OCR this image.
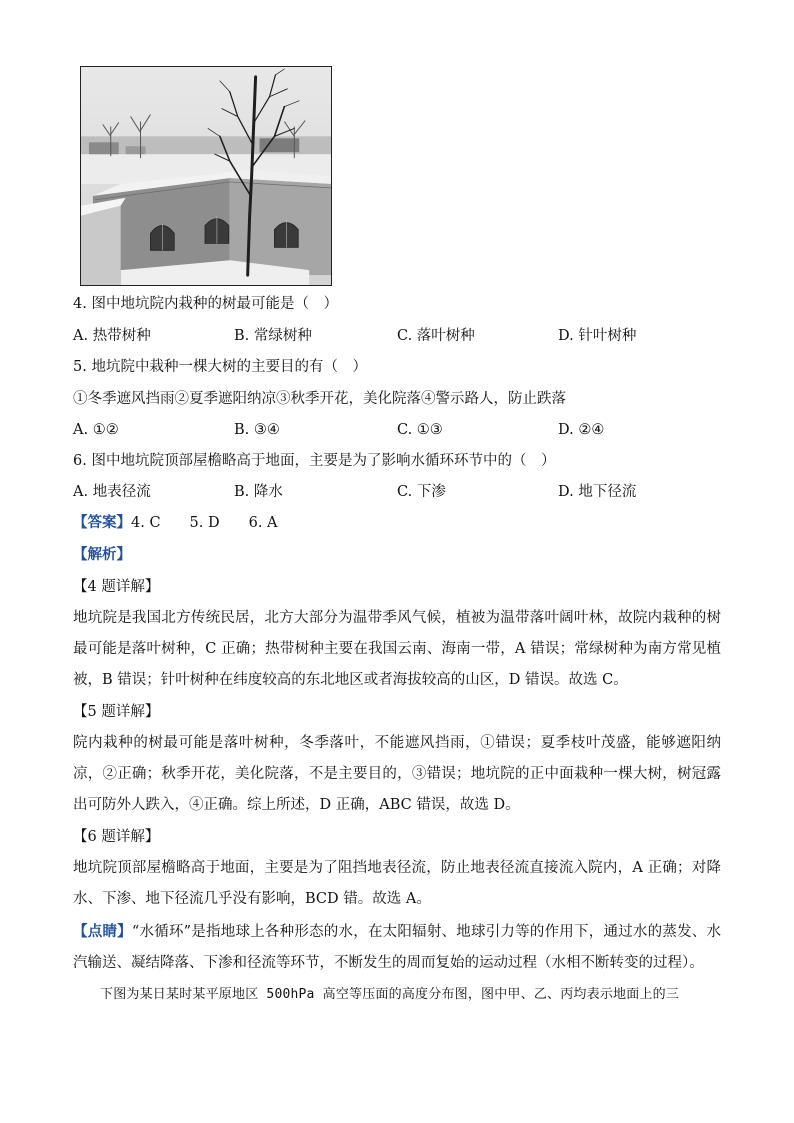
4. 图中地坑院内栽种的树最可能是（　）
A. 热带树种	B. 常绿树种	C. 落叶树种	D. 针叶树种
5. 地坑院中栽种一棵大树的主要目的有（　）
①冬季遮风挡雨②夏季遮阳纳凉③秋季开花，美化院落④警示路人，防止跌落
A. ①②	B. ③④	C. ①③	D. ②④
6. 图中地坑院顶部屋檐略高于地面，主要是为了影响水循环环节中的（　）
A. 地表径流	B. 降水	C. 下渗	D. 地下径流
【答案】4. C　　5. D　　6. A
【解析】
【4 题详解】
地坑院是我国北方传统民居，北方大部分为温带季风气候，植被为温带落叶阔叶林，故院内栽种的树最可能是落叶树种，C 正确；热带树种主要在我国云南、海南一带，A 错误；常绿树种为南方常见植被，B 错误；针叶树种在纬度较高的东北地区或者海拔较高的山区，D 错误。故选 C。
【5 题详解】
院内栽种的树最可能是落叶树种，冬季落叶，不能遮风挡雨，①错误；夏季枝叶茂盛，能够遮阳纳凉，②正确；秋季开花，美化院落，不是主要目的，③错误；地坑院的正中面栽种一棵大树，树冠露出可防外人跌入，④正确。综上所述，D 正确，ABC 错误，故选 D。
【6 题详解】
地坑院顶部屋檐略高于地面，主要是为了阻挡地表径流，防止地表径流直接流入院内，A 正确；对降水、下渗、地下径流几乎没有影响，BCD 错。故选 A。
【点睛】“水循环”是指地球上各种形态的水，在太阳辐射、地球引力等的作用下，通过水的蒸发、水汽输送、凝结降落、下渗和径流等环节，不断发生的周而复始的运动过程（水相不断转变的过程）。
下图为某日某时某平原地区 500hPa 高空等压面的高度分布图，图中甲、乙、丙均表示地面上的三
